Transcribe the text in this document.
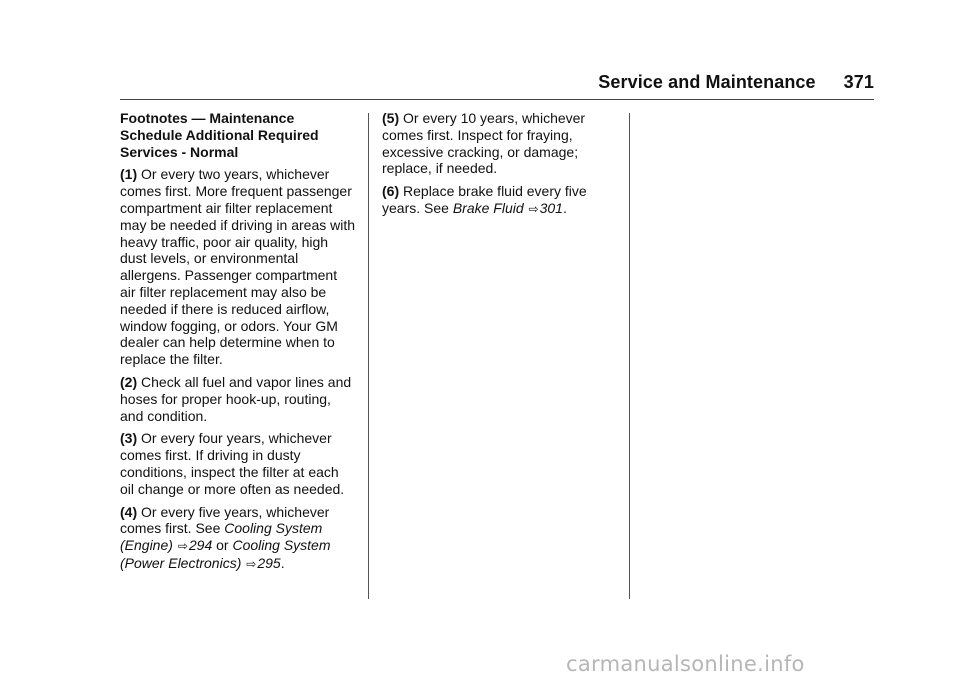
Service and Maintenance 371
Footnotes — Maintenance Schedule Additional Required Services - Normal

(1) Or every two years, whichever comes first. More frequent passenger compartment air filter replacement may be needed if driving in areas with heavy traffic, poor air quality, high dust levels, or environmental allergens. Passenger compartment air filter replacement may also be needed if there is reduced airflow, window fogging, or odors. Your GM dealer can help determine when to replace the filter.

(2) Check all fuel and vapor lines and hoses for proper hook-up, routing, and condition.

(3) Or every four years, whichever comes first. If driving in dusty conditions, inspect the filter at each oil change or more often as needed.

(4) Or every five years, whichever comes first. See Cooling System (Engine) ⇨294 or Cooling System (Power Electronics) ⇨295.

(5) Or every 10 years, whichever comes first. Inspect for fraying, excessive cracking, or damage; replace, if needed.

(6) Replace brake fluid every five years. See Brake Fluid ⇨301.

carmanualsonline.info
